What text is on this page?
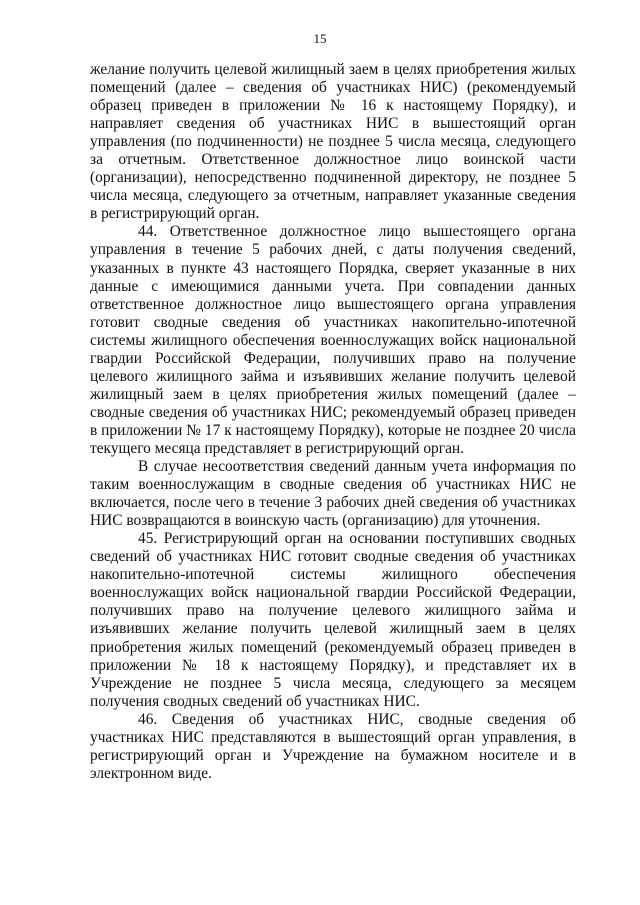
15

желание получить целевой жилищный заем в целях приобретения жилых помещений (далее – сведения об участниках НИС) (рекомендуемый образец приведен в приложении № 16 к настоящему Порядку), и направляет сведения об участниках НИС в вышестоящий орган управления (по подчиненности) не позднее 5 числа месяца, следующего за отчетным. Ответственное должностное лицо воинской части (организации), непосредственно подчиненной директору, не позднее 5 числа месяца, следующего за отчетным, направляет указанные сведения в регистрирующий орган.

44. Ответственное должностное лицо вышестоящего органа управления в течение 5 рабочих дней, с даты получения сведений, указанных в пункте 43 настоящего Порядка, сверяет указанные в них данные с имеющимися данными учета. При совпадении данных ответственное должностное лицо вышестоящего органа управления готовит сводные сведения об участниках накопительно-ипотечной системы жилищного обеспечения военнослужащих войск национальной гвардии Российской Федерации, получивших право на получение целевого жилищного займа и изъявивших желание получить целевой жилищный заем в целях приобретения жилых помещений (далее – сводные сведения об участниках НИС; рекомендуемый образец приведен в приложении № 17 к настоящему Порядку), которые не позднее 20 числа текущего месяца представляет в регистрирующий орган.

В случае несоответствия сведений данным учета информация по таким военнослужащим в сводные сведения об участниках НИС не включается, после чего в течение 3 рабочих дней сведения об участниках НИС возвращаются в воинскую часть (организацию) для уточнения.

45. Регистрирующий орган на основании поступивших сводных сведений об участниках НИС готовит сводные сведения об участниках накопительно-ипотечной системы жилищного обеспечения военнослужащих войск национальной гвардии Российской Федерации, получивших право на получение целевого жилищного займа и изъявивших желание получить целевой жилищный заем в целях приобретения жилых помещений (рекомендуемый образец приведен в приложении № 18 к настоящему Порядку), и представляет их в Учреждение не позднее 5 числа месяца, следующего за месяцем получения сводных сведений об участниках НИС.

46. Сведения об участниках НИС, сводные сведения об участниках НИС представляются в вышестоящий орган управления, в регистрирующий орган и Учреждение на бумажном носителе и в электронном виде.
